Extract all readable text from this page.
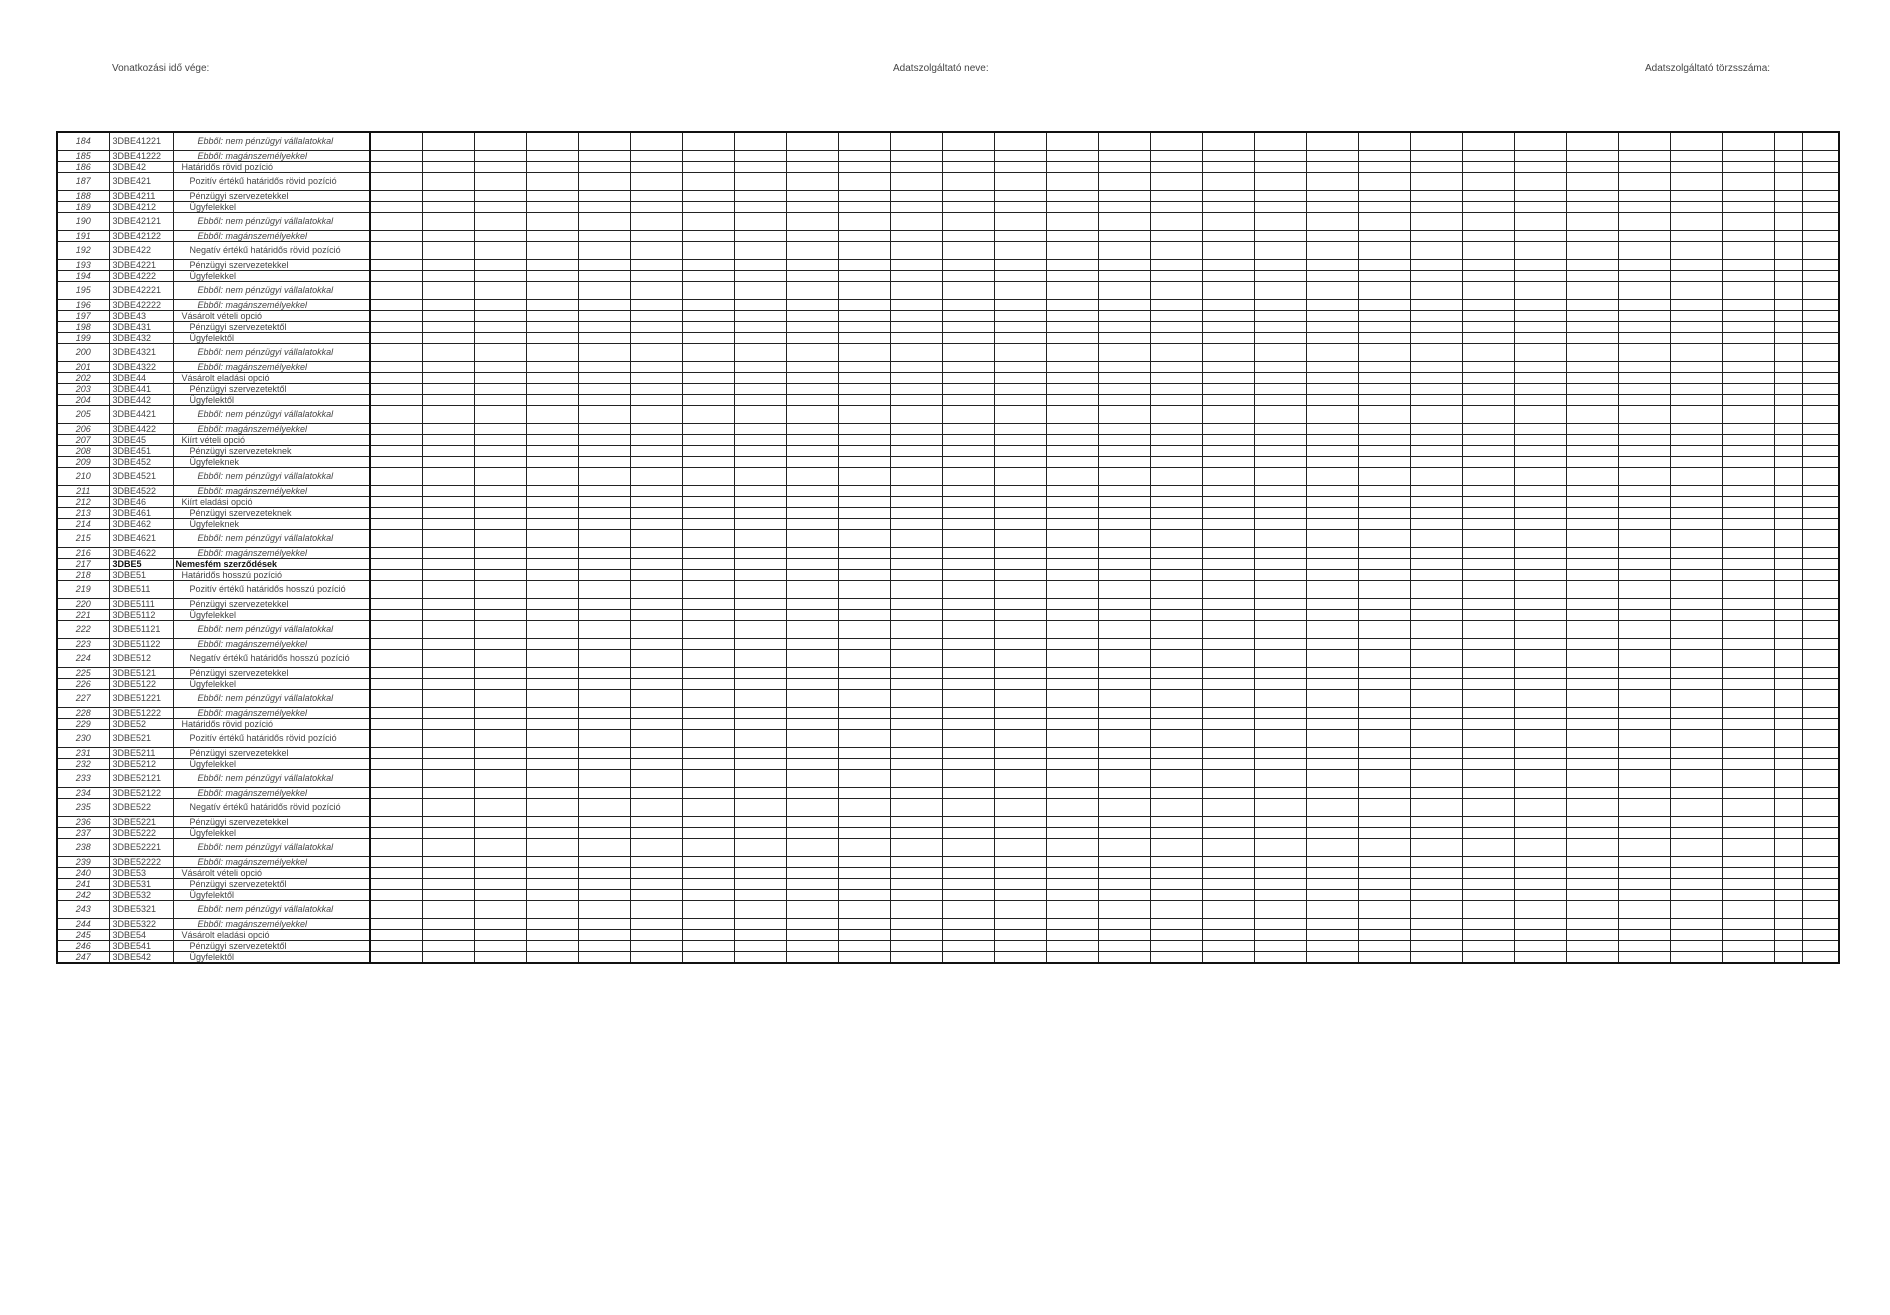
Vonatkozási idő vége:	Adatszolgáltató neve:	Adatszolgáltató törzsszáma:
184	3DBE41221	Ebből: nem pénzügyi vállalatokkal																													
185	3DBE41222	Ebből: magánszemélyekkel																													
186	3DBE42	Határidős rövid pozíció																													
187	3DBE421	Pozitív értékű határidős rövid pozíció																													
188	3DBE4211	Pénzügyi szervezetekkel																													
189	3DBE4212	Ügyfelekkel																													
190	3DBE42121	Ebből: nem pénzügyi vállalatokkal																													
191	3DBE42122	Ebből: magánszemélyekkel																													
192	3DBE422	Negatív értékű határidős rövid pozíció																													
193	3DBE4221	Pénzügyi szervezetekkel																													
194	3DBE4222	Ügyfelekkel																													
195	3DBE42221	Ebből: nem pénzügyi vállalatokkal																													
196	3DBE42222	Ebből: magánszemélyekkel																													
197	3DBE43	Vásárolt vételi opció																													
198	3DBE431	Pénzügyi szervezetektől																													
199	3DBE432	Ügyfelektől																													
200	3DBE4321	Ebből: nem pénzügyi vállalatokkal																													
201	3DBE4322	Ebből: magánszemélyekkel																													
202	3DBE44	Vásárolt eladási opció																													
203	3DBE441	Pénzügyi szervezetektől																													
204	3DBE442	Ügyfelektől																													
205	3DBE4421	Ebből: nem pénzügyi vállalatokkal																													
206	3DBE4422	Ebből: magánszemélyekkel																													
207	3DBE45	Kiírt vételi opció																													
208	3DBE451	Pénzügyi szervezeteknek																													
209	3DBE452	Ügyfeleknek																													
210	3DBE4521	Ebből: nem pénzügyi vállalatokkal																													
211	3DBE4522	Ebből: magánszemélyekkel																													
212	3DBE46	Kiírt eladási opció																													
213	3DBE461	Pénzügyi szervezeteknek																													
214	3DBE462	Ügyfeleknek																													
215	3DBE4621	Ebből: nem pénzügyi vállalatokkal																													
216	3DBE4622	Ebből: magánszemélyekkel																													
217	3DBE5	Nemesfém szerződések																													
218	3DBE51	Határidős hosszú pozíció																													
219	3DBE511	Pozitív értékű határidős hosszú pozíció																													
220	3DBE5111	Pénzügyi szervezetekkel																													
221	3DBE5112	Ügyfelekkel																													
222	3DBE51121	Ebből: nem pénzügyi vállalatokkal																													
223	3DBE51122	Ebből: magánszemélyekkel																													
224	3DBE512	Negatív értékű határidős hosszú pozíció																													
225	3DBE5121	Pénzügyi szervezetekkel																													
226	3DBE5122	Ügyfelekkel																													
227	3DBE51221	Ebből: nem pénzügyi vállalatokkal																													
228	3DBE51222	Ebből: magánszemélyekkel																													
229	3DBE52	Határidős rövid pozíció																													
230	3DBE521	Pozitív értékű határidős rövid pozíció																													
231	3DBE5211	Pénzügyi szervezetekkel																													
232	3DBE5212	Ügyfelekkel																													
233	3DBE52121	Ebből: nem pénzügyi vállalatokkal																													
234	3DBE52122	Ebből: magánszemélyekkel																													
235	3DBE522	Negatív értékű határidős rövid pozíció																													
236	3DBE5221	Pénzügyi szervezetekkel																													
237	3DBE5222	Ügyfelekkel																													
238	3DBE52221	Ebből: nem pénzügyi vállalatokkal																													
239	3DBE52222	Ebből: magánszemélyekkel																													
240	3DBE53	Vásárolt vételi opció																													
241	3DBE531	Pénzügyi szervezetektől																													
242	3DBE532	Ügyfelektől																													
243	3DBE5321	Ebből: nem pénzügyi vállalatokkal																													
244	3DBE5322	Ebből: magánszemélyekkel																													
245	3DBE54	Vásárolt eladási opció																													
246	3DBE541	Pénzügyi szervezetektől																													
247	3DBE542	Ügyfelektől																													
